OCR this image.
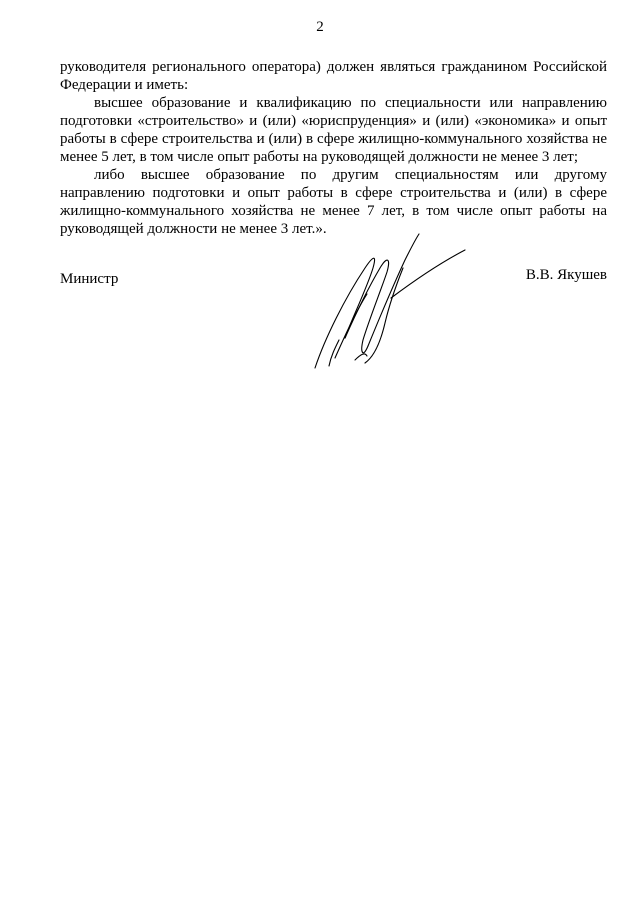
2

руководителя регионального оператора) должен являться гражданином Российской Федерации и иметь:

высшее образование и квалификацию по специальности или направлению подготовки «строительство» и (или) «юриспруденция» и (или) «экономика» и опыт работы в сфере строительства и (или) в сфере жилищно-коммунального хозяйства не менее 5 лет, в том числе опыт работы на руководящей должности не менее 3 лет;

либо высшее образование по другим специальностям или другому направлению подготовки и опыт работы в сфере строительства и (или) в сфере жилищно-коммунального хозяйства не менее 7 лет, в том числе опыт работы на руководящей должности не менее 3 лет.».

Министр	В.В. Якушев
